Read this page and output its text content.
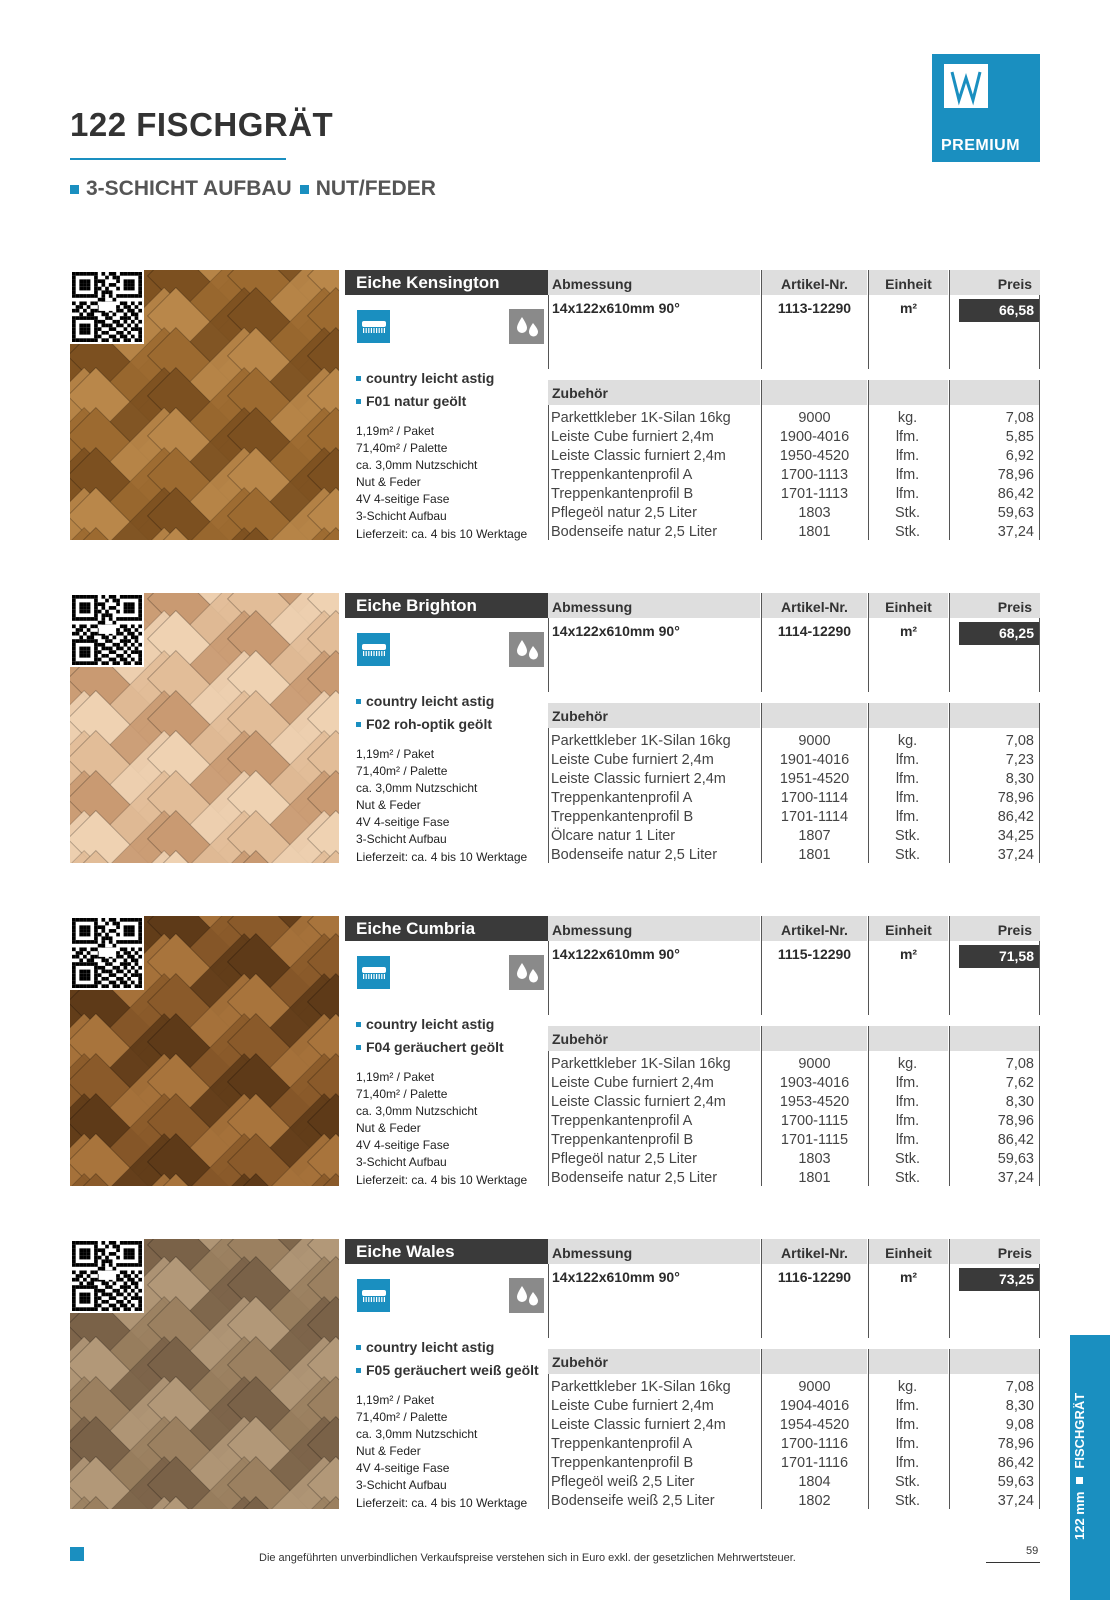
122 FISCHGRÄT
3-SCHICHT AUFBAU NUT/FEDER
PREMIUM
Eiche Kensington
country leicht astig
F01 natur geölt
1,19m² / Paket
71,40m² / Palette
ca. 3,0mm Nutzschicht
Nut & Feder
4V 4-seitige Fase
3-Schicht Aufbau
Lieferzeit: ca. 4 bis 10 Werktage
Abmessung	Artikel-Nr.	Einheit	Preis
14x122x610mm 90°	1113-12290	m²	66,58
Zubehör
Parkettkleber 1K-Silan 16kg	9000	kg.	7,08
Leiste Cube furniert 2,4m	1900-4016	lfm.	5,85
Leiste Classic furniert 2,4m	1950-4520	lfm.	6,92
Treppenkantenprofil A	1700-1113	lfm.	78,96
Treppenkantenprofil B	1701-1113	lfm.	86,42
Pflegeöl natur 2,5 Liter	1803	Stk.	59,63
Bodenseife natur 2,5 Liter	1801	Stk.	37,24
Eiche Brighton
country leicht astig
F02 roh-optik geölt
1,19m² / Paket
71,40m² / Palette
ca. 3,0mm Nutzschicht
Nut & Feder
4V 4-seitige Fase
3-Schicht Aufbau
Lieferzeit: ca. 4 bis 10 Werktage
Abmessung	Artikel-Nr.	Einheit	Preis
14x122x610mm 90°	1114-12290	m²	68,25
Zubehör
Parkettkleber 1K-Silan 16kg	9000	kg.	7,08
Leiste Cube furniert 2,4m	1901-4016	lfm.	7,23
Leiste Classic furniert 2,4m	1951-4520	lfm.	8,30
Treppenkantenprofil A	1700-1114	lfm.	78,96
Treppenkantenprofil B	1701-1114	lfm.	86,42
Ölcare natur 1 Liter	1807	Stk.	34,25
Bodenseife natur 2,5 Liter	1801	Stk.	37,24
Eiche Cumbria
country leicht astig
F04 geräuchert geölt
1,19m² / Paket
71,40m² / Palette
ca. 3,0mm Nutzschicht
Nut & Feder
4V 4-seitige Fase
3-Schicht Aufbau
Lieferzeit: ca. 4 bis 10 Werktage
Abmessung	Artikel-Nr.	Einheit	Preis
14x122x610mm 90°	1115-12290	m²	71,58
Zubehör
Parkettkleber 1K-Silan 16kg	9000	kg.	7,08
Leiste Cube furniert 2,4m	1903-4016	lfm.	7,62
Leiste Classic furniert 2,4m	1953-4520	lfm.	8,30
Treppenkantenprofil A	1700-1115	lfm.	78,96
Treppenkantenprofil B	1701-1115	lfm.	86,42
Pflegeöl natur 2,5 Liter	1803	Stk.	59,63
Bodenseife natur 2,5 Liter	1801	Stk.	37,24
Eiche Wales
country leicht astig
F05 geräuchert weiß geölt
1,19m² / Paket
71,40m² / Palette
ca. 3,0mm Nutzschicht
Nut & Feder
4V 4-seitige Fase
3-Schicht Aufbau
Lieferzeit: ca. 4 bis 10 Werktage
Abmessung	Artikel-Nr.	Einheit	Preis
14x122x610mm 90°	1116-12290	m²	73,25
Zubehör
Parkettkleber 1K-Silan 16kg	9000	kg.	7,08
Leiste Cube furniert 2,4m	1904-4016	lfm.	8,30
Leiste Classic furniert 2,4m	1954-4520	lfm.	9,08
Treppenkantenprofil A	1700-1116	lfm.	78,96
Treppenkantenprofil B	1701-1116	lfm.	86,42
Pflegeöl weiß 2,5 Liter	1804	Stk.	59,63
Bodenseife weiß 2,5 Liter	1802	Stk.	37,24	122 mm
FISCHGRÄT
Die angeführten unverbindlichen Verkaufspreise verstehen sich in Euro exkl. der gesetzlichen Mehrwertsteuer.
59
